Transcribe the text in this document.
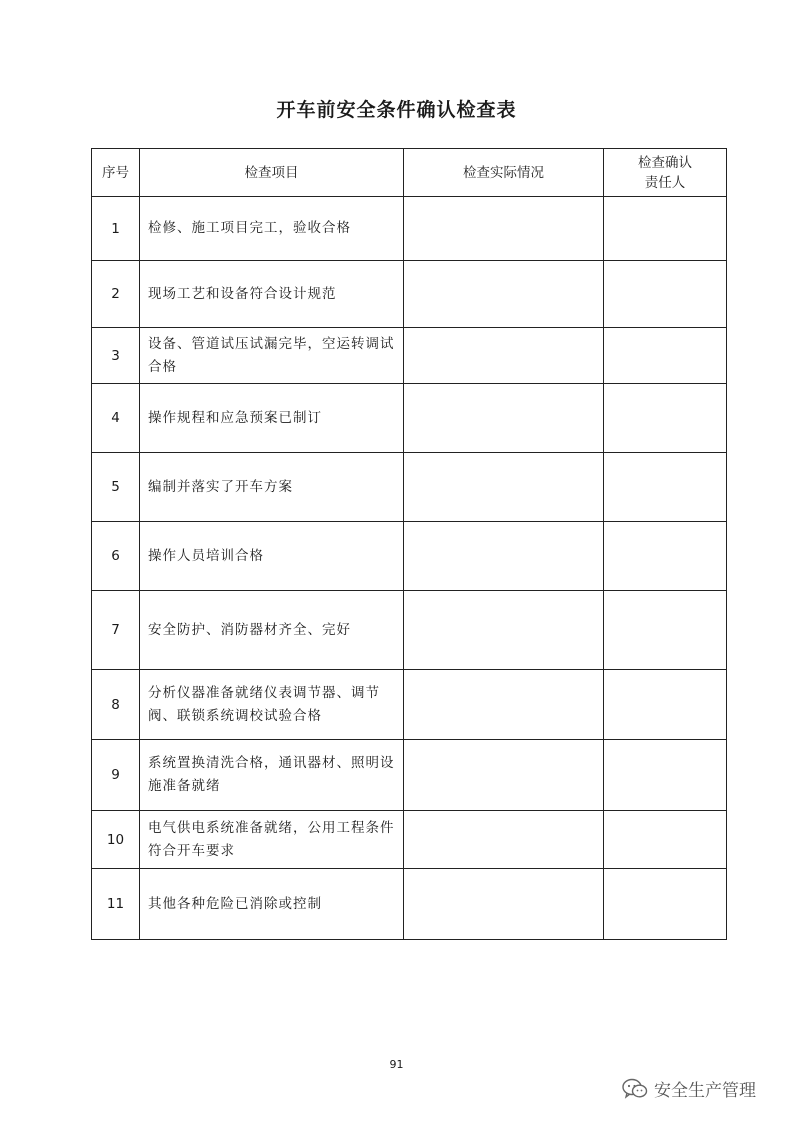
开车前安全条件确认检查表
序号	检查项目	检查实际情况	检查确认
责任人

1	检修、施工项目完工，验收合格		
2	现场工艺和设备符合设计规范		
3	设备、管道试压试漏完毕，空运转调试合格		
4	操作规程和应急预案已制订		
5	编制并落实了开车方案		
6	操作人员培训合格		
7	安全防护、消防器材齐全、完好		
8	分析仪器准备就绪仪表调节器、调节阀、联锁系统调校试验合格		
9	系统置换清洗合格，通讯器材、照明设施准备就绪		
10	电气供电系统准备就绪，公用工程条件符合开车要求		
11	其他各种危险已消除或控制		
91
安全生产管理
